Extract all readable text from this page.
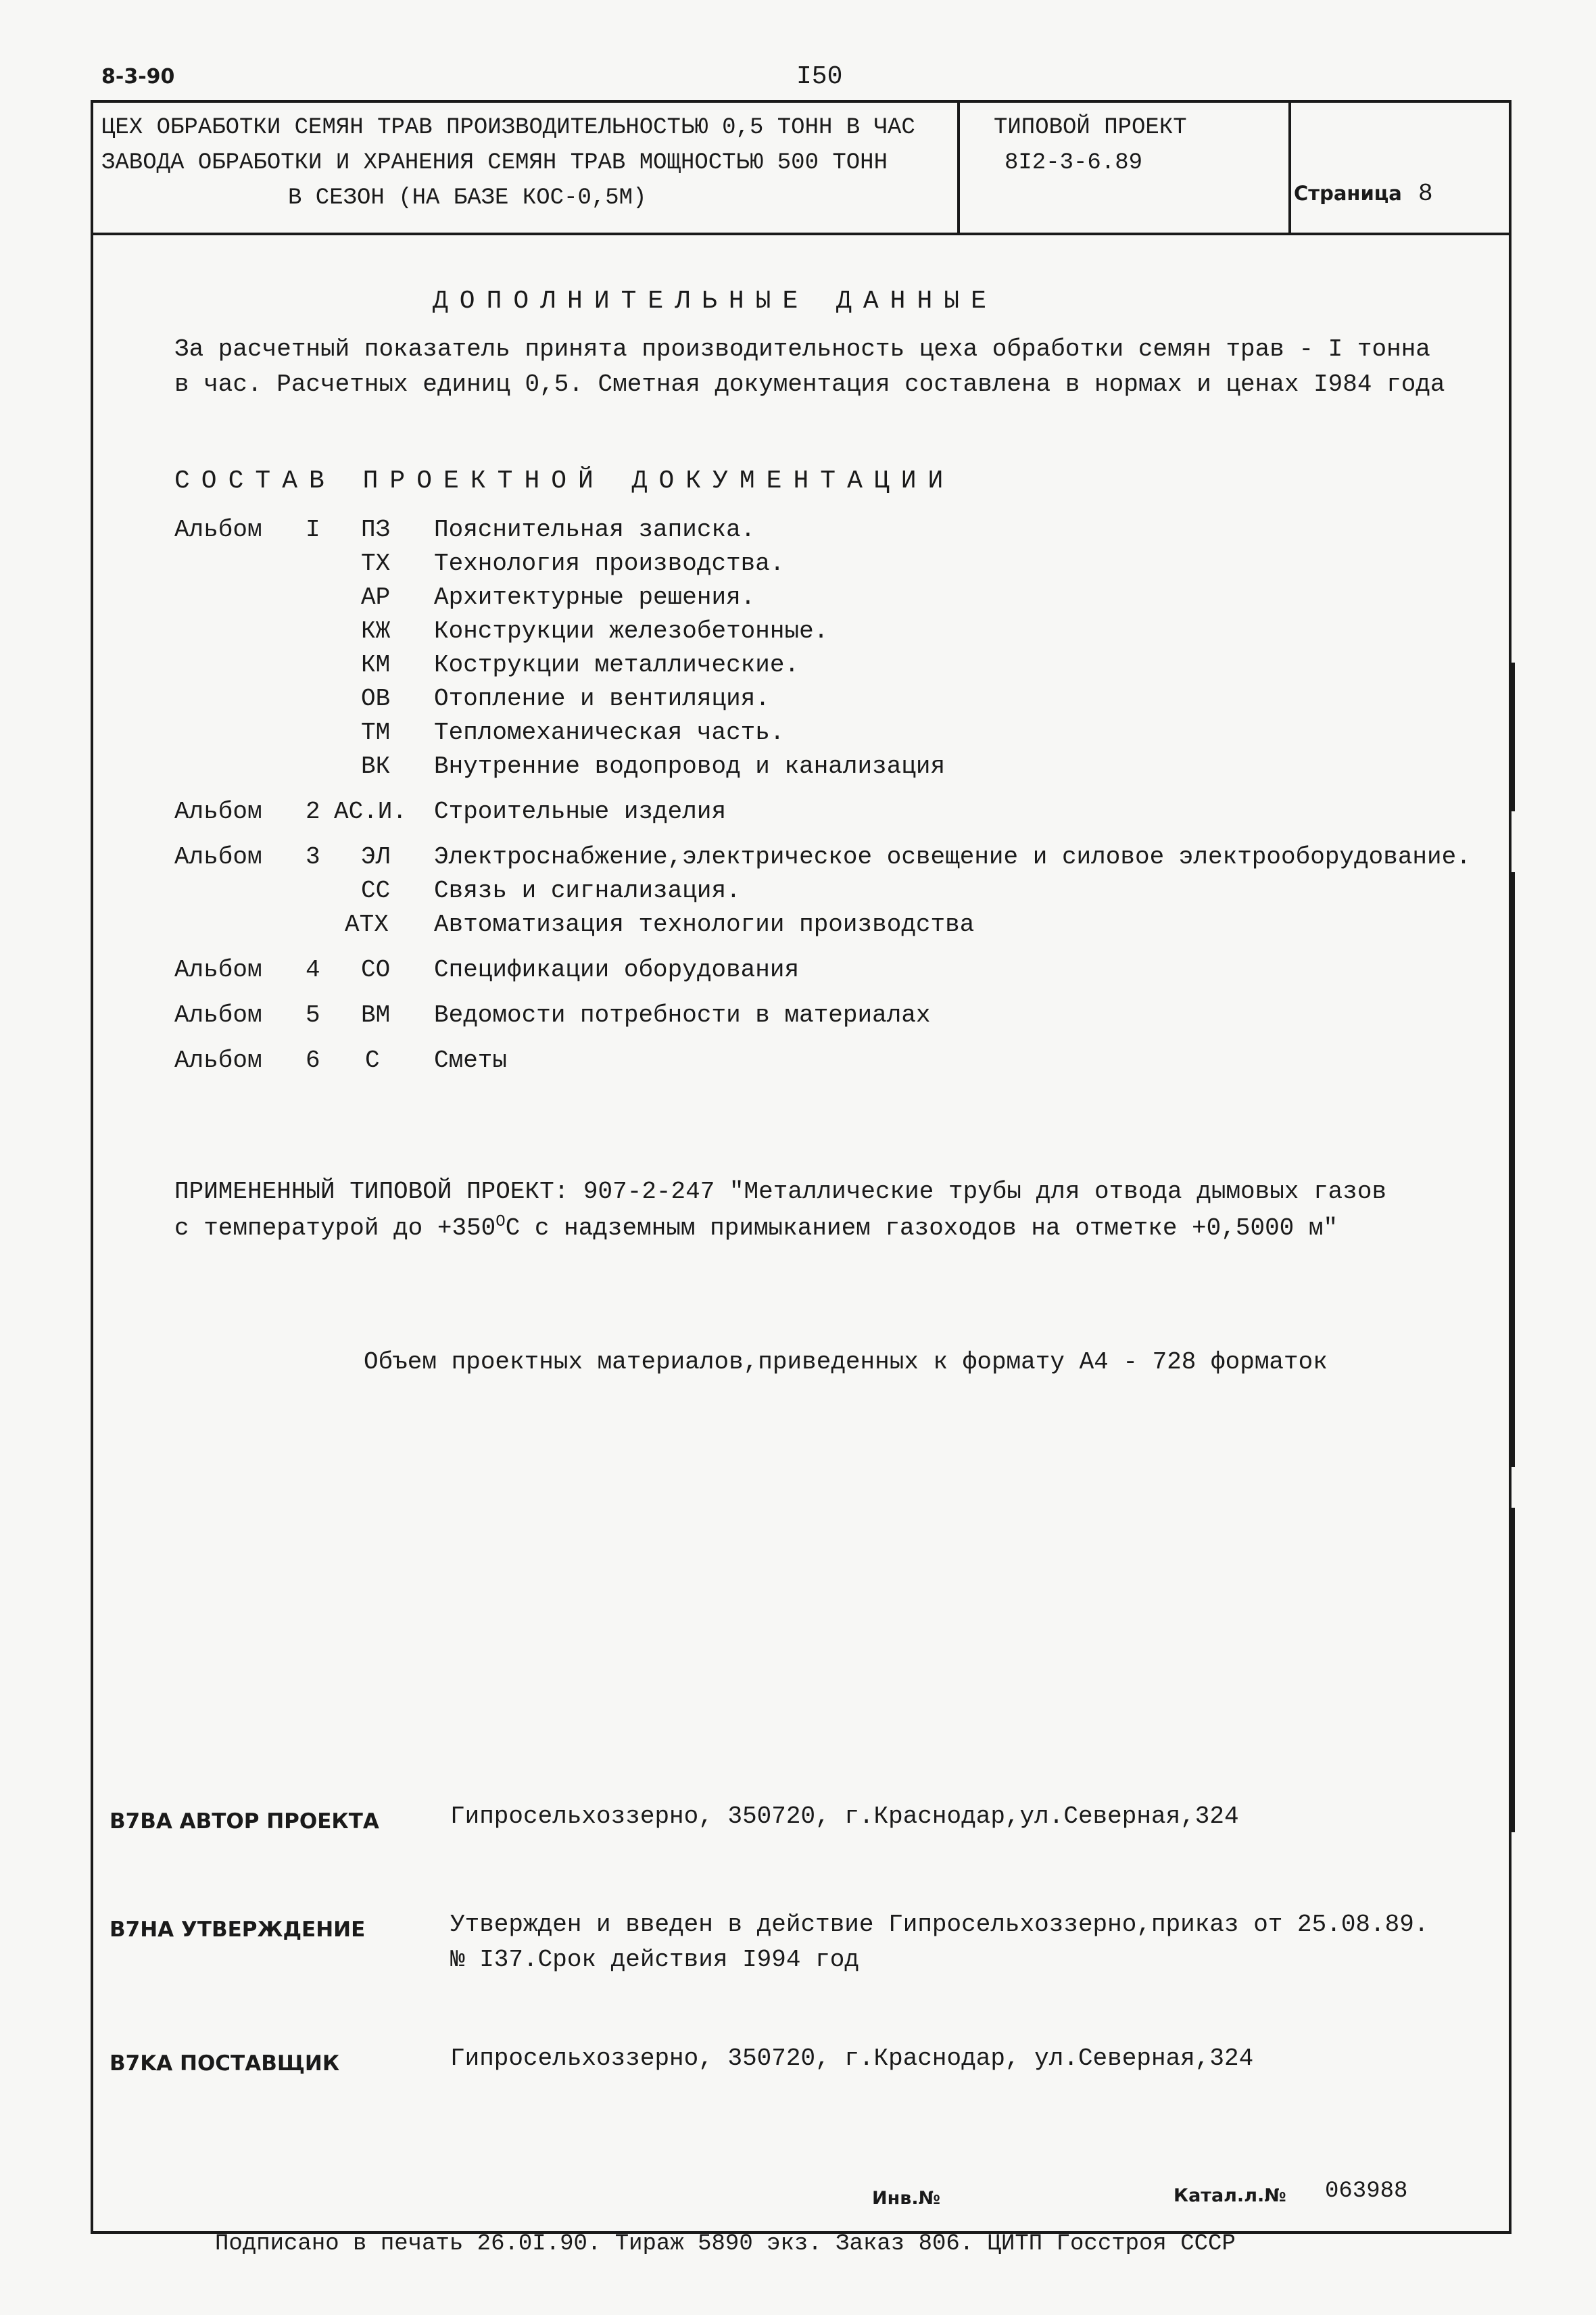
8-3-90	I50
ЦЕХ ОБРАБОТКИ СЕМЯН ТРАВ ПРОИЗВОДИТЕЛЬНОСТЬЮ 0,5 ТОНН В ЧАС
ЗАВОДА ОБРАБОТКИ И ХРАНЕНИЯ СЕМЯН ТРАВ МОЩНОСТЬЮ 500 ТОНН
В СЕЗОН (НА БАЗЕ КОС-0,5М)
ТИПОВОЙ ПРОЕКТ
8I2-3-6.89
Страница 8
ДОПОЛНИТЕЛЬНЫЕ ДАННЫЕ
За расчетный показатель принята производительность цеха обработки семян трав - I тонна
в час. Расчетных единиц 0,5. Сметная документация составлена в нормах и ценах I984 года
СОСТАВ ПРОЕКТНОЙ ДОКУМЕНТАЦИИ
Альбом I ПЗ Пояснительная записка.
ТХ Технология производства.
АР Архитектурные решения.
КЖ Конструкции железобетонные.
КМ Кострукции металлические.
ОВ Отопление и вентиляция.
ТМ Тепломеханическая часть.
ВК Внутренние водопровод и канализация
Альбом 2 АС.И. Строительные изделия
Альбом 3 ЭЛ Электроснабжение,электрическое освещение и силовое электрооборудование.
СС Связь и сигнализация.
АТХ Автоматизация технологии производства
Альбом 4 СО Спецификации оборудования
Альбом 5 ВМ Ведомости потребности в материалах
Альбом 6 С Сметы
ПРИМЕНЕННЫЙ ТИПОВОЙ ПРОЕКТ: 907-2-247 "Металлические трубы для отвода дымовых газов
с температурой до $+350^ОС$ с надземным примыканием газоходов на отметке +0,5000 м"
Объем проектных материалов,приведенных к формату А4 - 728 форматок
B7BA АВТОР ПРОЕКТА	Гипросельхоззерно, 350720, г.Краснодар,ул.Северная,324
B7HA УТВЕРЖДЕНИЕ	Утвержден и введен в действие Гипросельхоззерно,приказ от 25.08.89.
№ I37.Срок действия I994 год
B7KA ПОСТАВЩИК	Гипросельхоззерно, 350720, г.Краснодар, ул.Северная,324
Инв.№	Катал.л.№ 063988
Подписано в печать 26.0I.90. Тираж 5890 экз. Заказ 806. ЦИТП Госстроя СССР
